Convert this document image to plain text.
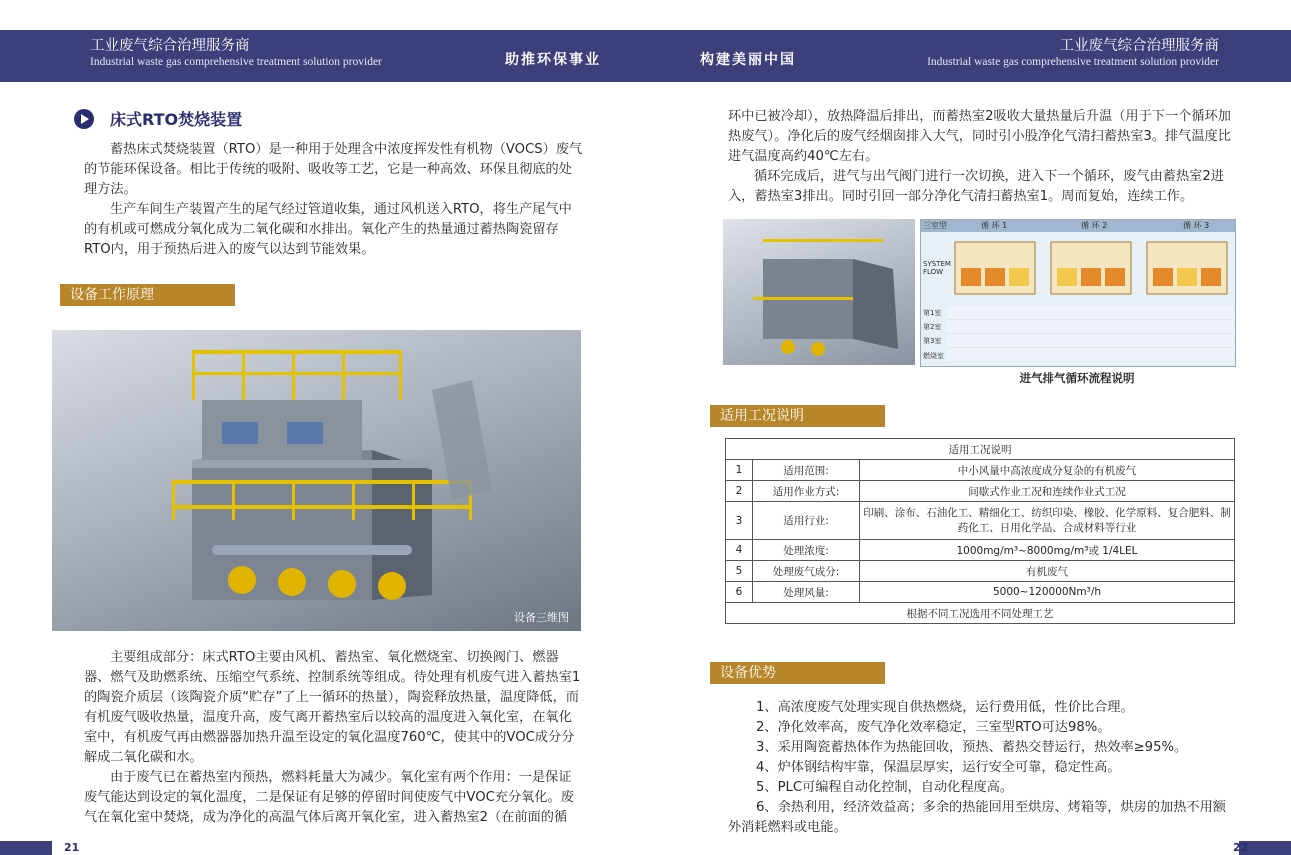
工业废气综合治理服务商
Industrial waste gas comprehensive treatment solution provider	助推环保事业	构建美丽中国
工业废气综合治理服务商
Industrial waste gas comprehensive treatment solution provider
床式RTO焚烧装置

蓄热床式焚烧装置（RTO）是一种用于处理含中浓度挥发性有机物（VOCS）废气的节能环保设备。相比于传统的吸附、吸收等工艺，它是一种高效、环保且彻底的处理方法。

生产车间生产装置产生的尾气经过管道收集，通过风机送入RTO，将生产尾气中的有机或可燃成分氧化成为二氧化碳和水排出。氧化产生的热量通过蓄热陶瓷留存RTO内，用于预热后进入的废气以达到节能效果。

设备工作原理
设备三维图

主要组成部分：床式RTO主要由风机、蓄热室、氧化燃烧室、切换阀门、燃器器、燃气及助燃系统、压缩空气系统、控制系统等组成。待处理有机废气进入蓄热室1的陶瓷介质层（该陶瓷介质“贮存”了上一循环的热量），陶瓷释放热量，温度降低，而有机废气吸收热量，温度升高，废气离开蓄热室后以较高的温度进入氧化室，在氧化室中，有机废气再由燃器器加热升温至设定的氧化温度760℃，使其中的VOC成分分解成二氧化碳和水。

由于废气已在蓄热室内预热，燃料耗量大为减少。氧化室有两个作用：一是保证废气能达到设定的氧化温度，二是保证有足够的停留时间使废气中VOC充分氧化。废气在氧化室中焚烧，成为净化的高温气体后离开氧化室，进入蓄热室2（在前面的循

21

环中已被冷却），放热降温后排出，而蓄热室2吸收大量热量后升温（用于下一个循环加热废气）。净化后的废气经烟囱排入大气，同时引小股净化气清扫蓄热室3。排气温度比进气温度高约40℃左右。

循环完成后，进气与出气阀门进行一次切换，进入下一个循环，废气由蓄热室2进入，蓄热室3排出。同时引回一部分净化气清扫蓄热室1。周而复始，连续工作。

三室型	循 环 1	循 环 2	循 环 3
SYSTEM FLOW
第1室
第2室
第3室
燃烧室
进气排气循环流程说明
适用工况说明
适用工况说明		
1	适用范围:	中小风量中高浓度成分复杂的有机废气
2	适用作业方式:	间歇式作业工况和连续作业式工况
3	适用行业:	印刷、涂布、石油化工、精细化工、纺织印染、橡胶、化学原料、复合肥料、制药化工、日用化学品、合成材料等行业
4	处理浓度:	1000mg/m³~8000mg/m³或 1/4LEL
5	处理废气成分:	有机废气
6	处理风量:	5000~120000Nm³/h
根据不同工况选用不同处理工艺		
设备优势
1、高浓度废气处理实现自供热燃烧，运行费用低，性价比合理。
2、净化效率高，废气净化效率稳定，三室型RTO可达98%。
3、采用陶瓷蓄热体作为热能回收，预热、蓄热交替运行，热效率≥95%。
4、炉体钢结构牢靠，保温层厚实，运行安全可靠，稳定性高。
5、PLC可编程自动化控制，自动化程度高。
6、余热利用，经济效益高；多余的热能回用至烘房、烤箱等，烘房的加热不用额外消耗燃料或电能。
22
